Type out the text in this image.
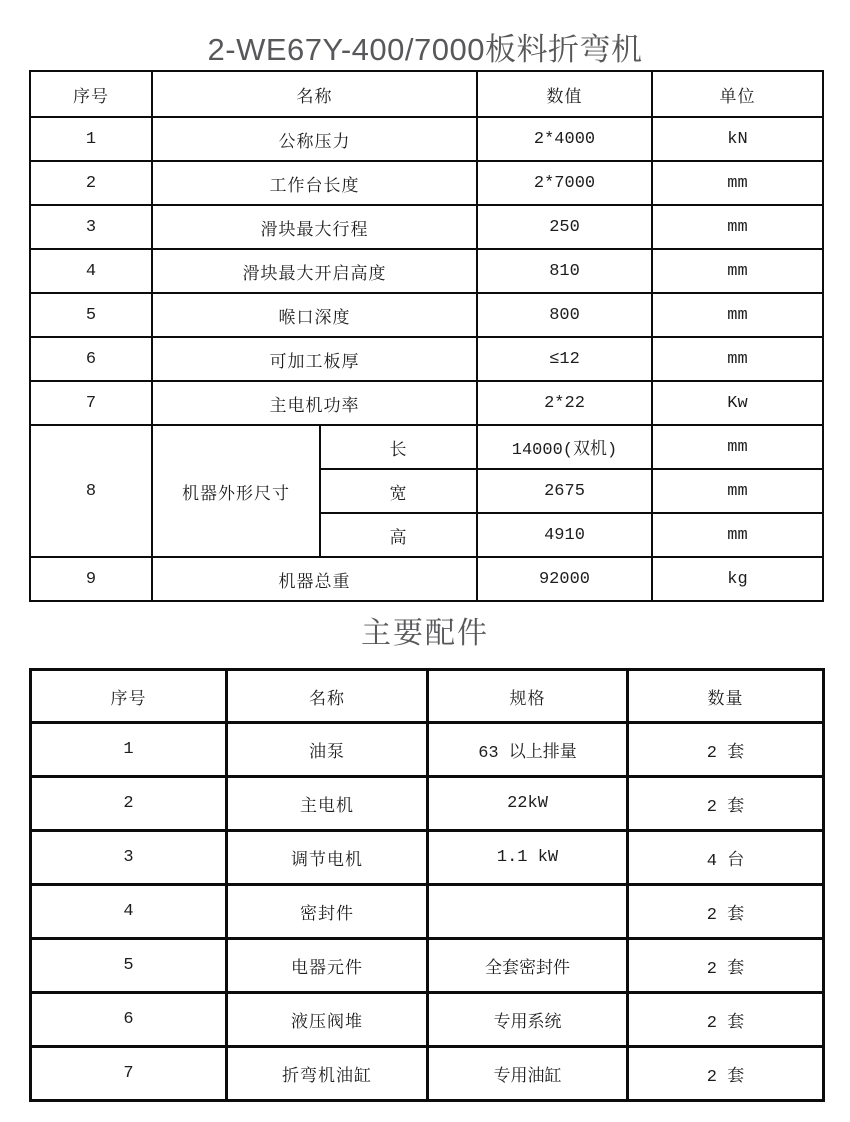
2-WE67Y-400/7000板料折弯机
序号	名称		数值	单位
1	公称压力		2*4000	kN
2	工作台长度		2*7000	mm
3	滑块最大行程		250	mm
4	滑块最大开启高度		810	mm
5	喉口深度		800	mm
6	可加工板厚		≤12	mm
7	主电机功率		2*22	Kw
8	机器外形尺寸	长	14000(双机)	mm
		宽	2675	mm
		高	4910	mm
9	机器总重		92000	kg
主要配件
序号	名称	规格	数量
1	油泵	63 以上排量	2 套
2	主电机	22kW	2 套
3	调节电机	1.1 kW	4 台
4	密封件		2 套
5	电器元件	全套密封件	2 套
6	液压阀堆	专用系统	2 套
7	折弯机油缸	专用油缸	2 套
